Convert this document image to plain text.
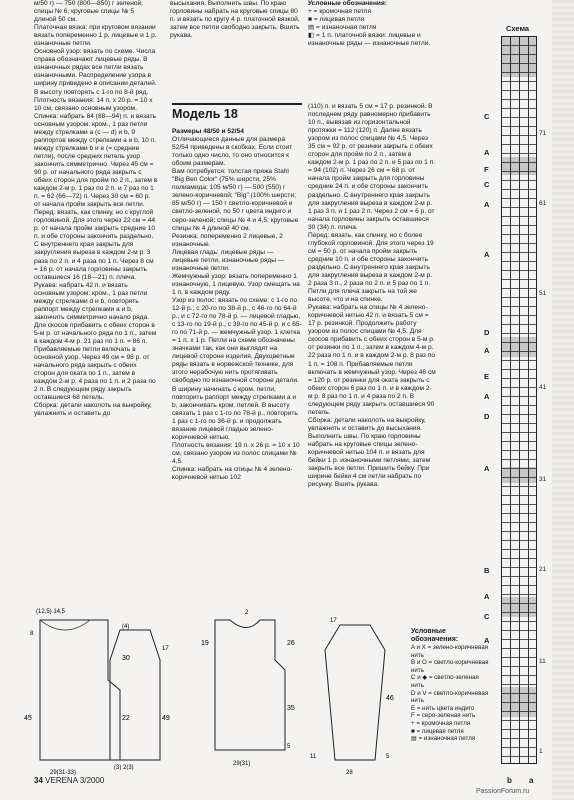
м/50 г) — 750 (800—850) г зеленой; спицы № 6; круговые спицы № 5 длиной 50 см.

Платочная вязка: при круговом вязании вязать попеременно 1 р. лицевые и 1 р. изнаночные петли.

Основной узор: вязать по схеме. Числа справа обозначают лицевые ряды. В изнаночных рядах все петли вязать изнаночными. Распределение узора в ширину приведено в описании деталей. В высоту повторять с 1-го по 8-й ряд.

Плотность вязания: 14 п. x 20 р. = 10 x 10 см, связано основным узором.

Спинка: набрать 84 (88—94) п. и вязать основным узором: кром., 1 раз петли между стрелками а (c — d) и b, 9 раппортов между стрелками a и b, 10 п. между стрелками b и e (= средние петли), после средних петель узор закончить симметрично. Через 45 см = 90 р. от начального ряда закрыть с обеих сторон для пройм по 2 п., затем в каждом 2-м р. 1 раз по 2 п. и 7 раз по 1 п. = 62 (66—72) п. Через 30 см = 60 р. от начала пройм закрыть все петли.

Перед: вязать, как спинку, но с круглой горловиной. Для этого через 22 см = 44 р. от начала пройм закрыть средние 10 п. и обе стороны закончить раздельно. С внутреннего края закрыть для закругления выреза в каждом 2-м р. 3 раза по 2 п. и 4 раза по 1 п. Через 8 см = 16 р. от начала горловины закрыть оставшиеся 16 (18—21) п. плеча.

Рукава: набрать 42 п. и вязать основным узором: кром., 1 раз петли между стрелками d и b, повторять раппорт между стрелками a и b, закончить симметрично начало ряда. Для скосов прибавить с обеих сторон в 5-м р. от начального ряда по 1 п., затем в каждом 4-м р. 21 раз по 1 п. = 86 п. Прибавляемые петли включать в основной узор. Через 49 см = 98 р. от начального ряда закрыть с обеих сторон для оката по 1 п., затем в каждом 2-м р. 4 раза по 1 п. и 2 раза по 2 п. В следующем ряду закрыть оставшиеся 68 петель.

Сборка: детали наколоть на выкройку, увлажнить и оставить до

высыхания. Выполнить швы. По краю горловины набрать на круговые спицы 80 п. и вязать по кругу 4 р. платочной вязкой, затем все петли свободно закрыть. Вшить рукава.

Условные обозначения:

+ = кромочная петля

■ = лицевая петля

▤ = изнаночная петля

◧ = 1 п. платочной вязки: лицевые и изнаночные ряды — изнаночные петли.

Модель 18

Размеры 48/50 и 52/54

Отличающиеся данные для размера 52/54 приведены в скобках. Если стоит только одно число, то оно относится к обоим размерам.

Вам потребуется: толстая пряжа Stahl "Big Ben Color" (75% шерсти, 25% полиамида; 105 м/50 г) — 500 (550) г зелено-коричневой; "Big" (100% шерсти; 85 м/50 г) — 150 г светло-коричневой и светло-зеленой, по 50 г цвета индиго и серо-зеленой; спицы № 4 и 4,5; круговые спицы № 4 длиной 40 см.

Резинка: попеременно 2 лицевые, 2 изнаночные.

Лицевая гладь: лицевые ряды — лицевые петли, изнаночные ряды — изнаночные петли.

Жемчужный узор: вязать попеременно 1 изнаночную, 1 лицевую. Узор смещать на 1 п. в каждом ряду.

Узор из полос: вязать по схеме: с 1-го по 12-й р., с 20-го по 38-й р., с 46-го по 64-й р., и с 72-го по 78-й р. — лицевой гладью, с 13-го по 19-й р., с 39-го по 45-й р. и с 65-го по 71-й р. — жемчужный узор. 1 клетка = 1 п. x 1 р. Петли на схеме обозначены значками так, как они выглядят на лицевой стороне изделия. Двухцветные ряды вязать в норвежской технике, для этого нерабочую нить протягивать свободно по изнаночной стороне детали. В ширину начинать с кром. петли, повторить раппорт между стрелками a и b, закончивать кром. петлей. В высоту связать 1 раз с 1-го по 78-й р., повторить 1 раз с 1-го по 36-й р. и продолжать вязание лицевой гладью зелено-коричневой нитью.

Плотность вязания: 19 п. x 26 р. = 10 x 10 см, связано узором из полос спицами № 4,5.

Спинка: набрать на спицы № 4 зелено-коричневой нитью 102

(110) п. и вязать 5 см = 17 р. резинкой. В последнем ряду равномерно прибавить 10 п., вывязав из горизонтальной протяжки = 112 (120) п. Далее вязать узором из полос спицами № 4,5. Через 35 см = 92 р. от резинки закрыть с обеих сторон для пройм по 2 п., затем в каждом 2-м р. 1 раз по 2 п. и 5 раз по 1 п. = 94 (102) п. Через 26 см = 68 р. от начала пройм закрыть для горловины средние 24 п. и обе стороны закончить раздельно. С внутреннего края закрыть для закругления выреза в каждом 2-м р. 1 раз 3 п. и 1 раз 2 п. Через 2 см = 6 р. от начала горловины закрыть оставшиеся 30 (34) п. плеча.

Перед: вязать, как спинку, но с более глубокой горловиной. Для этого через 19 см = 50 р. от начала пройм закрыть средние 10 п. и обе стороны закончить раздельно. С внутреннего края закрыть для закругления выреза в каждом 2-м р. 2 раза 3 п., 2 раза по 2 п. и 5 раз по 1 п. Петли для плеча закрыть на той же высоте, что и на спинке.

Рукава: набрать на спицы № 4 зелено-коричневой нитью 42 п. и вязать 5 см = 17 р. резинкой. Продолжить работу узором из полос спицами № 4,5. Для скосов прибавить с обеих сторон в 5-м р. от резинки по 1 п., затем в каждом 4-м р. 22 раза по 1 п. и в каждом 2-м р. 8 раз по 1 п. = 108 п. Прибавляемые петли включать в жемчужный узор. Через 46 см = 120 р. от резинки для оката закрыть с обеих сторон 6 раз по 1 п. и в каждом 2-м р. 8 раз по 1 п. и 4 раза по 2 п. В следующем ряду закрыть оставшиеся 90 петель.

Сборка: детали наколоть на выкройку, увлажнить и оставить до высыхания. Выполнить швы. По краю горловины набрать на круговые спицы зелено-коричневой нитью 104 п. и вязать для бейки 1 р. изнаночными петлями, затем закрыть все петли. Пришить бейку. При ширине бейки 4 см петли набрать по рисунку. Вшить рукава.

Условные обозначения:

A и X = зелено-коричневая нить

B и O = светло-коричневая нить

C и ◆ = светло-зеленая нить

D и V = светло-коричневая нить

E = нить цвета индиго

F = серо-зеленая нить

+ = кромочная петля

■ = лицевая петля

▤ = изнаночная петля

Схема
C
A
F
C
A
A
D
A
E
A
D
A
B
A
C
A
71
61
51
41
31
21
11
1
b a
(12,5) 14,5
45
30
22
29(31-33)
8
(4)
17
49
(3) 2(3)
2
19	26
35
5
29(31)
17
46
5
11
28
34 VERENA 3/2000
PassionForum.ru
